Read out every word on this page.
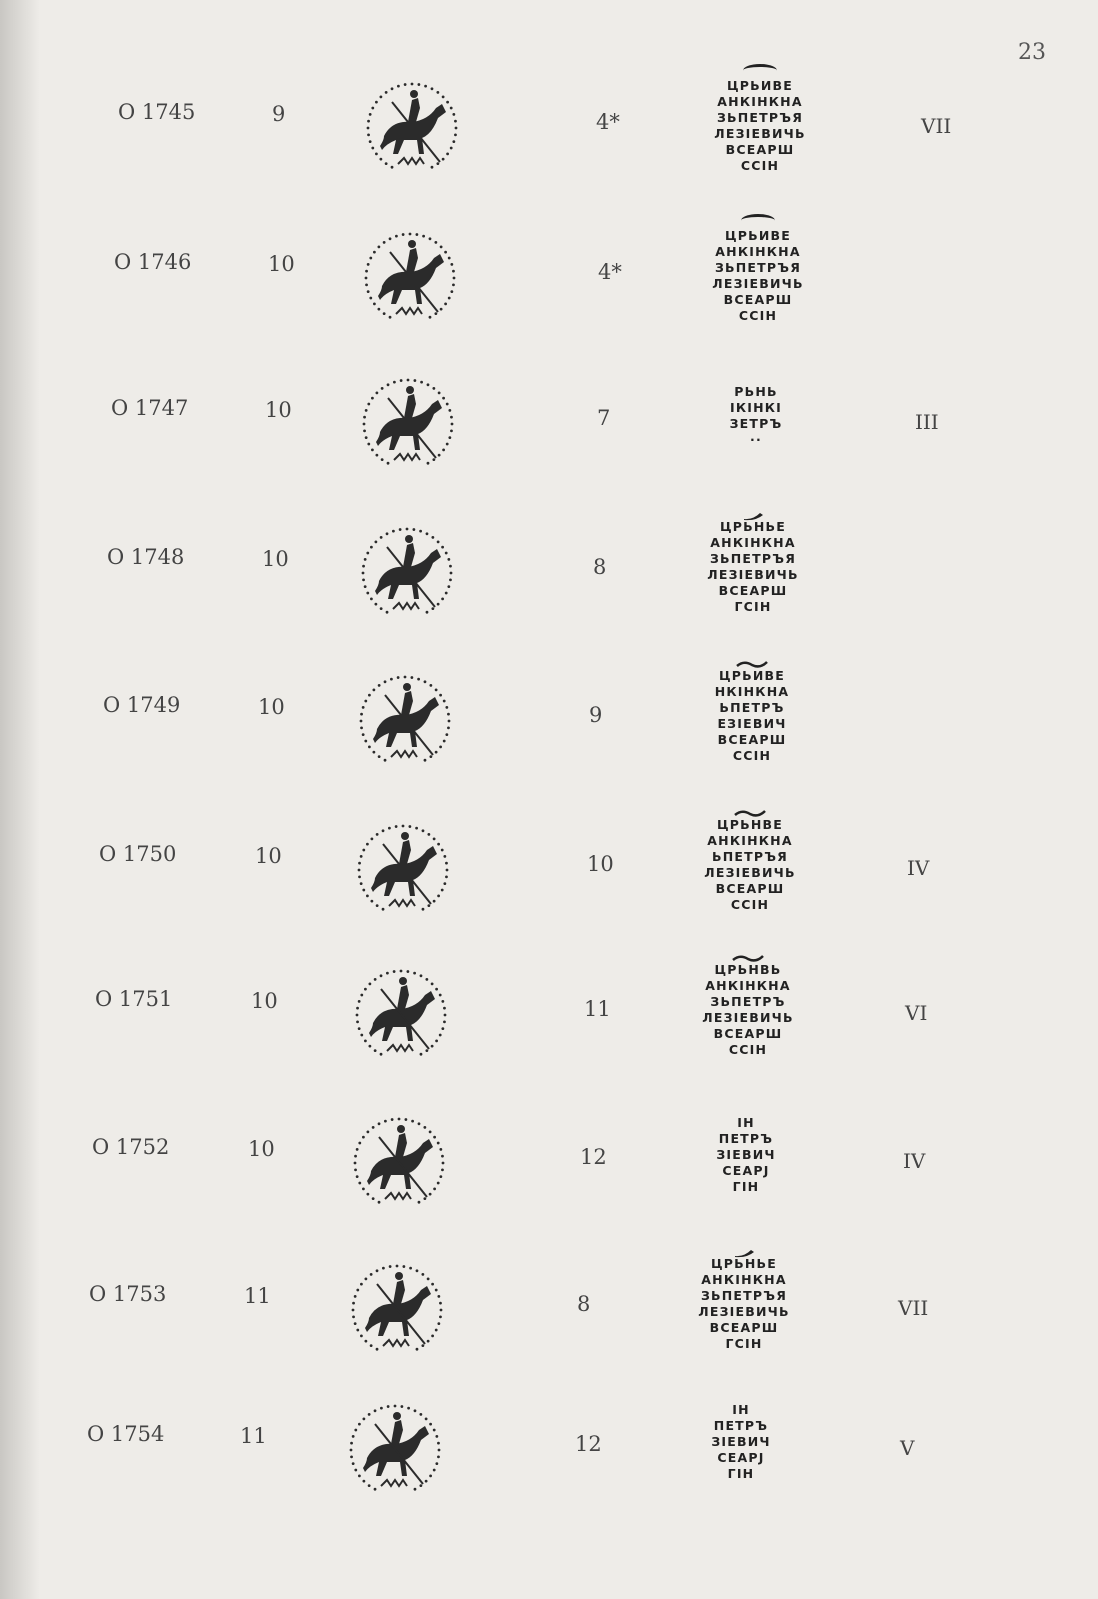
23
O 1745	9	4*
ЦРЬИВЕ
АНКІНКНА
ЗЬПЕТРЪЯ
ЛЕЗІЕВИЧЬ
ВСЕАРШ
ССІН
VII
O 1746	10	4*
ЦРЬИВЕ
АНКІНКНА
ЗЬПЕТРЪЯ
ЛЕЗІЕВИЧЬ
ВСЕАРШ
ССІН
O 1747	10	7
РЬНЬ
ІКІНКІ
ЗЕТРЪ
··
III
O 1748	10	8
ЦРЬНЬЕ
АНКІНКНА
ЗЬПЕТРЪЯ
ЛЕЗІЕВИЧЬ
ВСЕАРШ
ГСІН
O 1749	10	9
ЦРЬИВЕ
НКІНКНА
ЬПЕТРЪ
ЕЗІЕВИЧ
ВСЕАРШ
ССІН
O 1750	10	10
ЦРЬНВЕ
АНКІНКНА
ЬПЕТРЪЯ
ЛЕЗІЕВИЧЬ
ВСЕАРШ
ССІН
IV
O 1751	10	11
ЦРЬНВЬ
АНКІНКНА
ЗЬПЕТРЪ
ЛЕЗІЕВИЧЬ
ВСЕАРШ
ССІН
VI
O 1752	10	12
ІН
ПЕТРЪ
ЗІЕВИЧ
СЕАРЈ
ГІН
IV
O 1753	11	8
ЦРЬНЬЕ
АНКІНКНА
ЗЬПЕТРЪЯ
ЛЕЗІЕВИЧЬ
ВСЕАРШ
ГСІН
VII
O 1754	11	12
ІН
ПЕТРЪ
ЗІЕВИЧ
СЕАРЈ
ГІН
V
